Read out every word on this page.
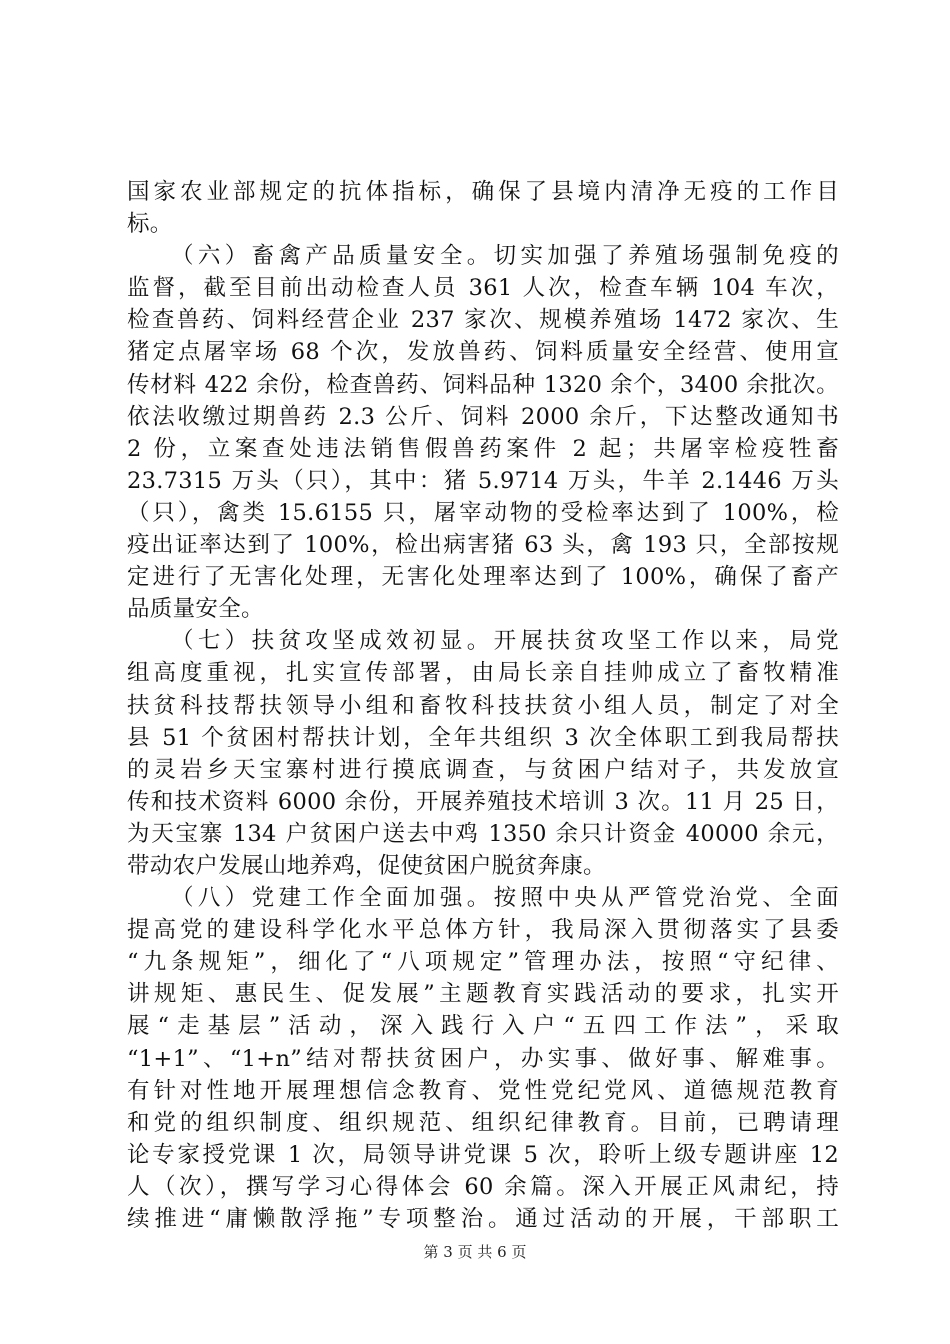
国家农业部规定的抗体指标，确保了县境内清净无疫的工作目
标。
（六）畜禽产品质量安全。切实加强了养殖场强制免疫的
监督，截至目前出动检查人员 361 人次，检查车辆 104 车次，
检查兽药、饲料经营企业 237 家次、规模养殖场 1472 家次、生
猪定点屠宰场 68 个次，发放兽药、饲料质量安全经营、使用宣
传材料 422 余份，检查兽药、饲料品种 1320 余个，3400 余批次。
依法收缴过期兽药 2.3 公斤、饲料 2000 余斤，下达整改通知书
2 份，立案查处违法销售假兽药案件 2 起；共屠宰检疫牲畜
23.7315 万头（只），其中：猪 5.9714 万头，牛羊 2.1446 万头
（只），禽类 15.6155 只，屠宰动物的受检率达到了 100%，检
疫出证率达到了 100%，检出病害猪 63 头，禽 193 只，全部按规
定进行了无害化处理，无害化处理率达到了 100%，确保了畜产
品质量安全。
（七）扶贫攻坚成效初显。开展扶贫攻坚工作以来，局党
组高度重视，扎实宣传部署，由局长亲自挂帅成立了畜牧精准
扶贫科技帮扶领导小组和畜牧科技扶贫小组人员，制定了对全
县 51 个贫困村帮扶计划，全年共组织 3 次全体职工到我局帮扶
的灵岩乡天宝寨村进行摸底调查，与贫困户结对子，共发放宣
传和技术资料 6000 余份，开展养殖技术培训 3 次。11 月 25 日，
为天宝寨 134 户贫困户送去中鸡 1350 余只计资金 40000 余元，
带动农户发展山地养鸡，促使贫困户脱贫奔康。
（八）党建工作全面加强。按照中央从严管党治党、全面
提高党的建设科学化水平总体方针，我局深入贯彻落实了县委
“九条规矩”，细化了“八项规定”管理办法，按照“守纪律、
讲规矩、惠民生、促发展”主题教育实践活动的要求，扎实开
展“走基层”活动，深入践行入户“五四工作法”，采取
“1+1”、“1+n”结对帮扶贫困户，办实事、做好事、解难事。
有针对性地开展理想信念教育、党性党纪党风、道德规范教育
和党的组织制度、组织规范、组织纪律教育。目前，已聘请理
论专家授党课 1 次，局领导讲党课 5 次，聆听上级专题讲座 12
人（次），撰写学习心得体会 60 余篇。深入开展正风肃纪，持
续推进“庸懒散浮拖”专项整治。通过活动的开展，干部职工
第 3 页 共 6 页
